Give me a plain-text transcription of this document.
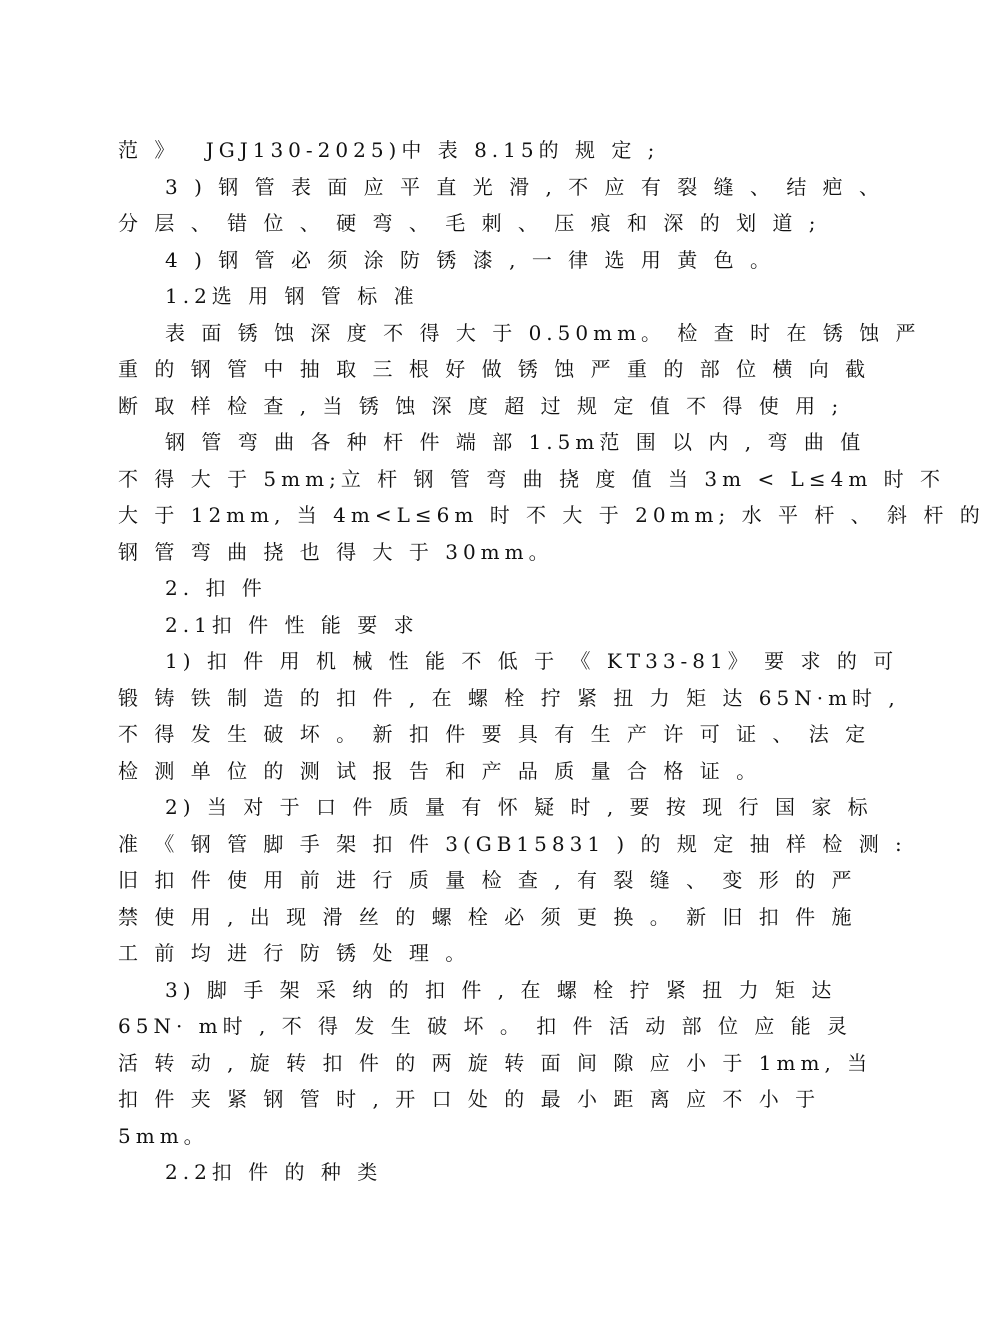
范 》　 JGJ130-2025)中 表 8.15的 规 定 ;
3 ) 钢 管 表 面 应 平 直 光 滑 , 不 应 有 裂 缝 、 结 疤 、
分 层 、 错 位 、 硬 弯 、 毛 刺 、 压 痕 和 深 的 划 道 ;
4 ) 钢 管 必 须 涂 防 锈 漆 , 一 律 选 用 黄 色 。
1.2选 用 钢 管 标 准
表 面 锈 蚀 深 度 不 得 大 于 0.50mm。 检 查 时 在 锈 蚀 严
重 的 钢 管 中 抽 取 三 根 好 做 锈 蚀 严 重 的 部 位 横 向 截
断 取 样 检 查 , 当 锈 蚀 深 度 超 过 规 定 值 不 得 使 用 ;
钢 管 弯 曲 各 种 杆 件 端 部 1.5m范 围 以 内 , 弯 曲 值
不 得 大 于 5mm;立 杆 钢 管 弯 曲 挠 度 值 当 3m < L≤4m 时 不
大 于 12mm, 当 4m<L≤6m 时 不 大 于 20mm; 水 平 杆 、 斜 杆 的
钢 管 弯 曲 挠 也 得 大 于 30mm。
2. 扣 件
2.1扣 件 性 能 要 求
1) 扣 件 用 机 械 性 能 不 低 于 《 KT33-81》 要 求 的 可
锻 铸 铁 制 造 的 扣 件 , 在 螺 栓 拧 紧 扭 力 矩 达 65N·m时 ,
不 得 发 生 破 坏 。 新 扣 件 要 具 有 生 产 许 可 证 、 法 定
检 测 单 位 的 测 试 报 告 和 产 品 质 量 合 格 证 。
2) 当 对 于 口 件 质 量 有 怀 疑 时 , 要 按 现 行 国 家 标
准 《 钢 管 脚 手 架 扣 件 3(GB15831 ) 的 规 定 抽 样 检 测 :
旧 扣 件 使 用 前 进 行 质 量 检 查 , 有 裂 缝 、 变 形 的 严
禁 使 用 , 出 现 滑 丝 的 螺 栓 必 须 更 换 。 新 旧 扣 件 施
工 前 均 进 行 防 锈 处 理 。
3) 脚 手 架 采 纳 的 扣 件 , 在 螺 栓 拧 紧 扭 力 矩 达
65N· m时 , 不 得 发 生 破 坏 。 扣 件 活 动 部 位 应 能 灵
活 转 动 , 旋 转 扣 件 的 两 旋 转 面 间 隙 应 小 于 1mm, 当
扣 件 夹 紧 钢 管 时 , 开 口 处 的 最 小 距 离 应 不 小 于
5mm。
2.2扣 件 的 种 类
